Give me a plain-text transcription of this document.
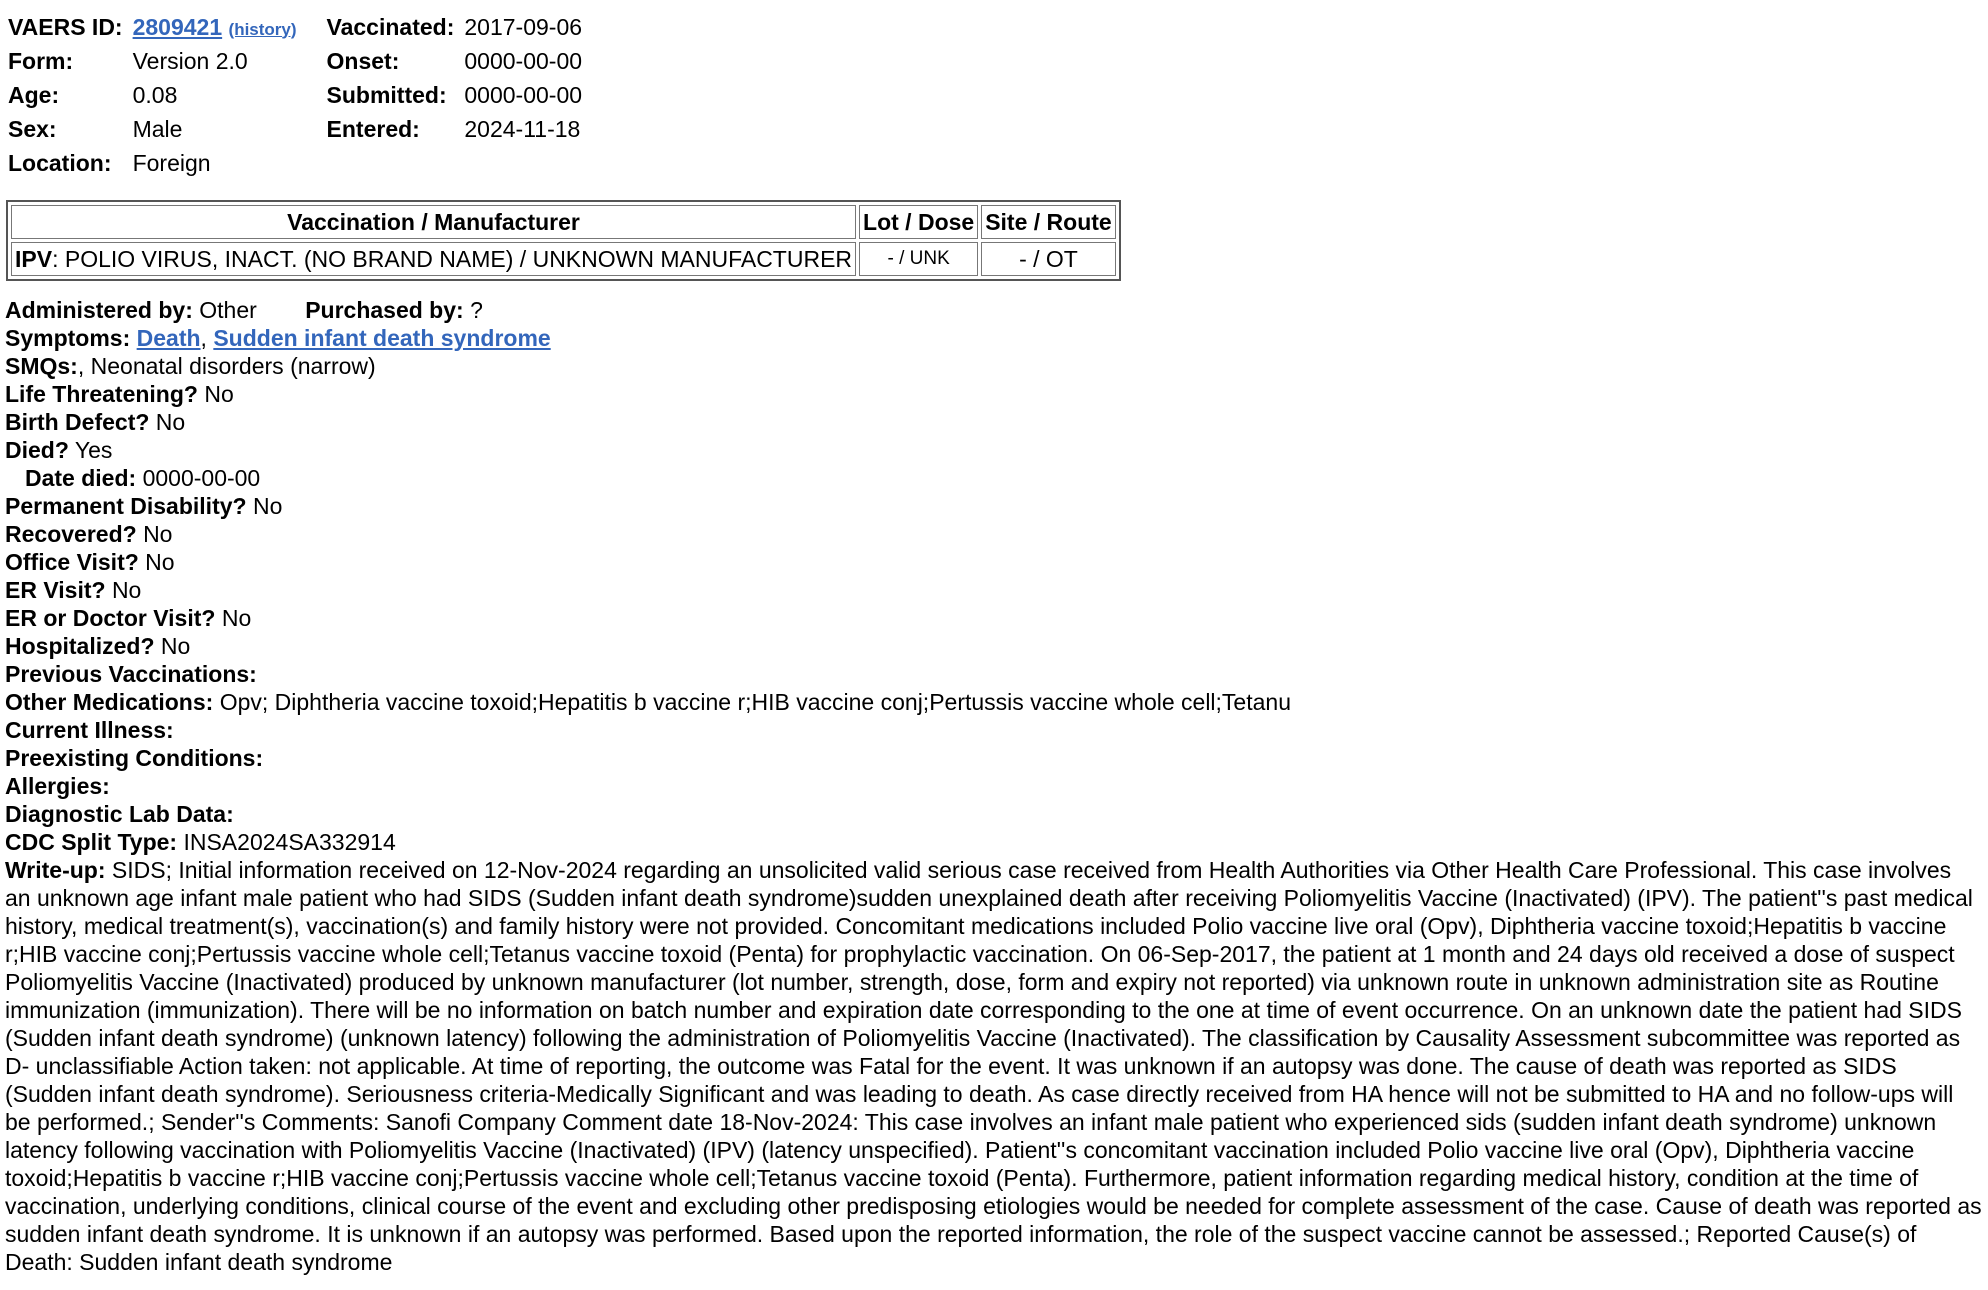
VAERS ID:	2809421 (history)	Vaccinated:	2017-09-06
Form:	Version 2.0	Onset:	0000-00-00
Age:	0.08	Submitted:	0000-00-00
Sex:	Male	Entered:	2024-11-18
Location:	Foreign		
Vaccination / Manufacturer	Lot / Dose	Site / Route
IPV: POLIO VIRUS, INACT. (NO BRAND NAME) / UNKNOWN MANUFACTURER	- / UNK	- / OT
Administered by: Other Purchased by: ?
Symptoms: Death, Sudden infant death syndrome
SMQs:, Neonatal disorders (narrow)
Life Threatening? No
Birth Defect? No
Died? Yes
Date died: 0000-00-00
Permanent Disability? No
Recovered? No
Office Visit? No
ER Visit? No
ER or Doctor Visit? No
Hospitalized? No
Previous Vaccinations:
Other Medications: Opv; Diphtheria vaccine toxoid;Hepatitis b vaccine r;HIB vaccine conj;Pertussis vaccine whole cell;Tetanu
Current Illness:
Preexisting Conditions:
Allergies:
Diagnostic Lab Data:
CDC Split Type: INSA2024SA332914
Write-up: SIDS; Initial information received on 12-Nov-2024 regarding an unsolicited valid serious case received from Health Authorities via Other Health Care Professional. This case involves an unknown age infant male patient who had SIDS (Sudden infant death syndrome)sudden unexplained death after receiving Poliomyelitis Vaccine (Inactivated) (IPV). The patient''s past medical history, medical treatment(s), vaccination(s) and family history were not provided. Concomitant medications included Polio vaccine live oral (Opv), Diphtheria vaccine toxoid;Hepatitis b vaccine r;HIB vaccine conj;Pertussis vaccine whole cell;Tetanus vaccine toxoid (Penta) for prophylactic vaccination. On 06-Sep-2017, the patient at 1 month and 24 days old received a dose of suspect Poliomyelitis Vaccine (Inactivated) produced by unknown manufacturer (lot number, strength, dose, form and expiry not reported) via unknown route in unknown administration site as Routine immunization (immunization). There will be no information on batch number and expiration date corresponding to the one at time of event occurrence. On an unknown date the patient had SIDS (Sudden infant death syndrome) (unknown latency) following the administration of Poliomyelitis Vaccine (Inactivated). The classification by Causality Assessment subcommittee was reported as D- unclassifiable Action taken: not applicable. At time of reporting, the outcome was Fatal for the event. It was unknown if an autopsy was done. The cause of death was reported as SIDS (Sudden infant death syndrome). Seriousness criteria-Medically Significant and was leading to death. As case directly received from HA hence will not be submitted to HA and no follow-ups will be performed.; Sender''s Comments: Sanofi Company Comment date 18-Nov-2024: This case involves an infant male patient who experienced sids (sudden infant death syndrome) unknown latency following vaccination with Poliomyelitis Vaccine (Inactivated) (IPV) (latency unspecified). Patient''s concomitant vaccination included Polio vaccine live oral (Opv), Diphtheria vaccine toxoid;Hepatitis b vaccine r;HIB vaccine conj;Pertussis vaccine whole cell;Tetanus vaccine toxoid (Penta). Furthermore, patient information regarding medical history, condition at the time of vaccination, underlying conditions, clinical course of the event and excluding other predisposing etiologies would be needed for complete assessment of the case. Cause of death was reported as sudden infant death syndrome. It is unknown if an autopsy was performed. Based upon the reported information, the role of the suspect vaccine cannot be assessed.; Reported Cause(s) of Death: Sudden infant death syndrome
